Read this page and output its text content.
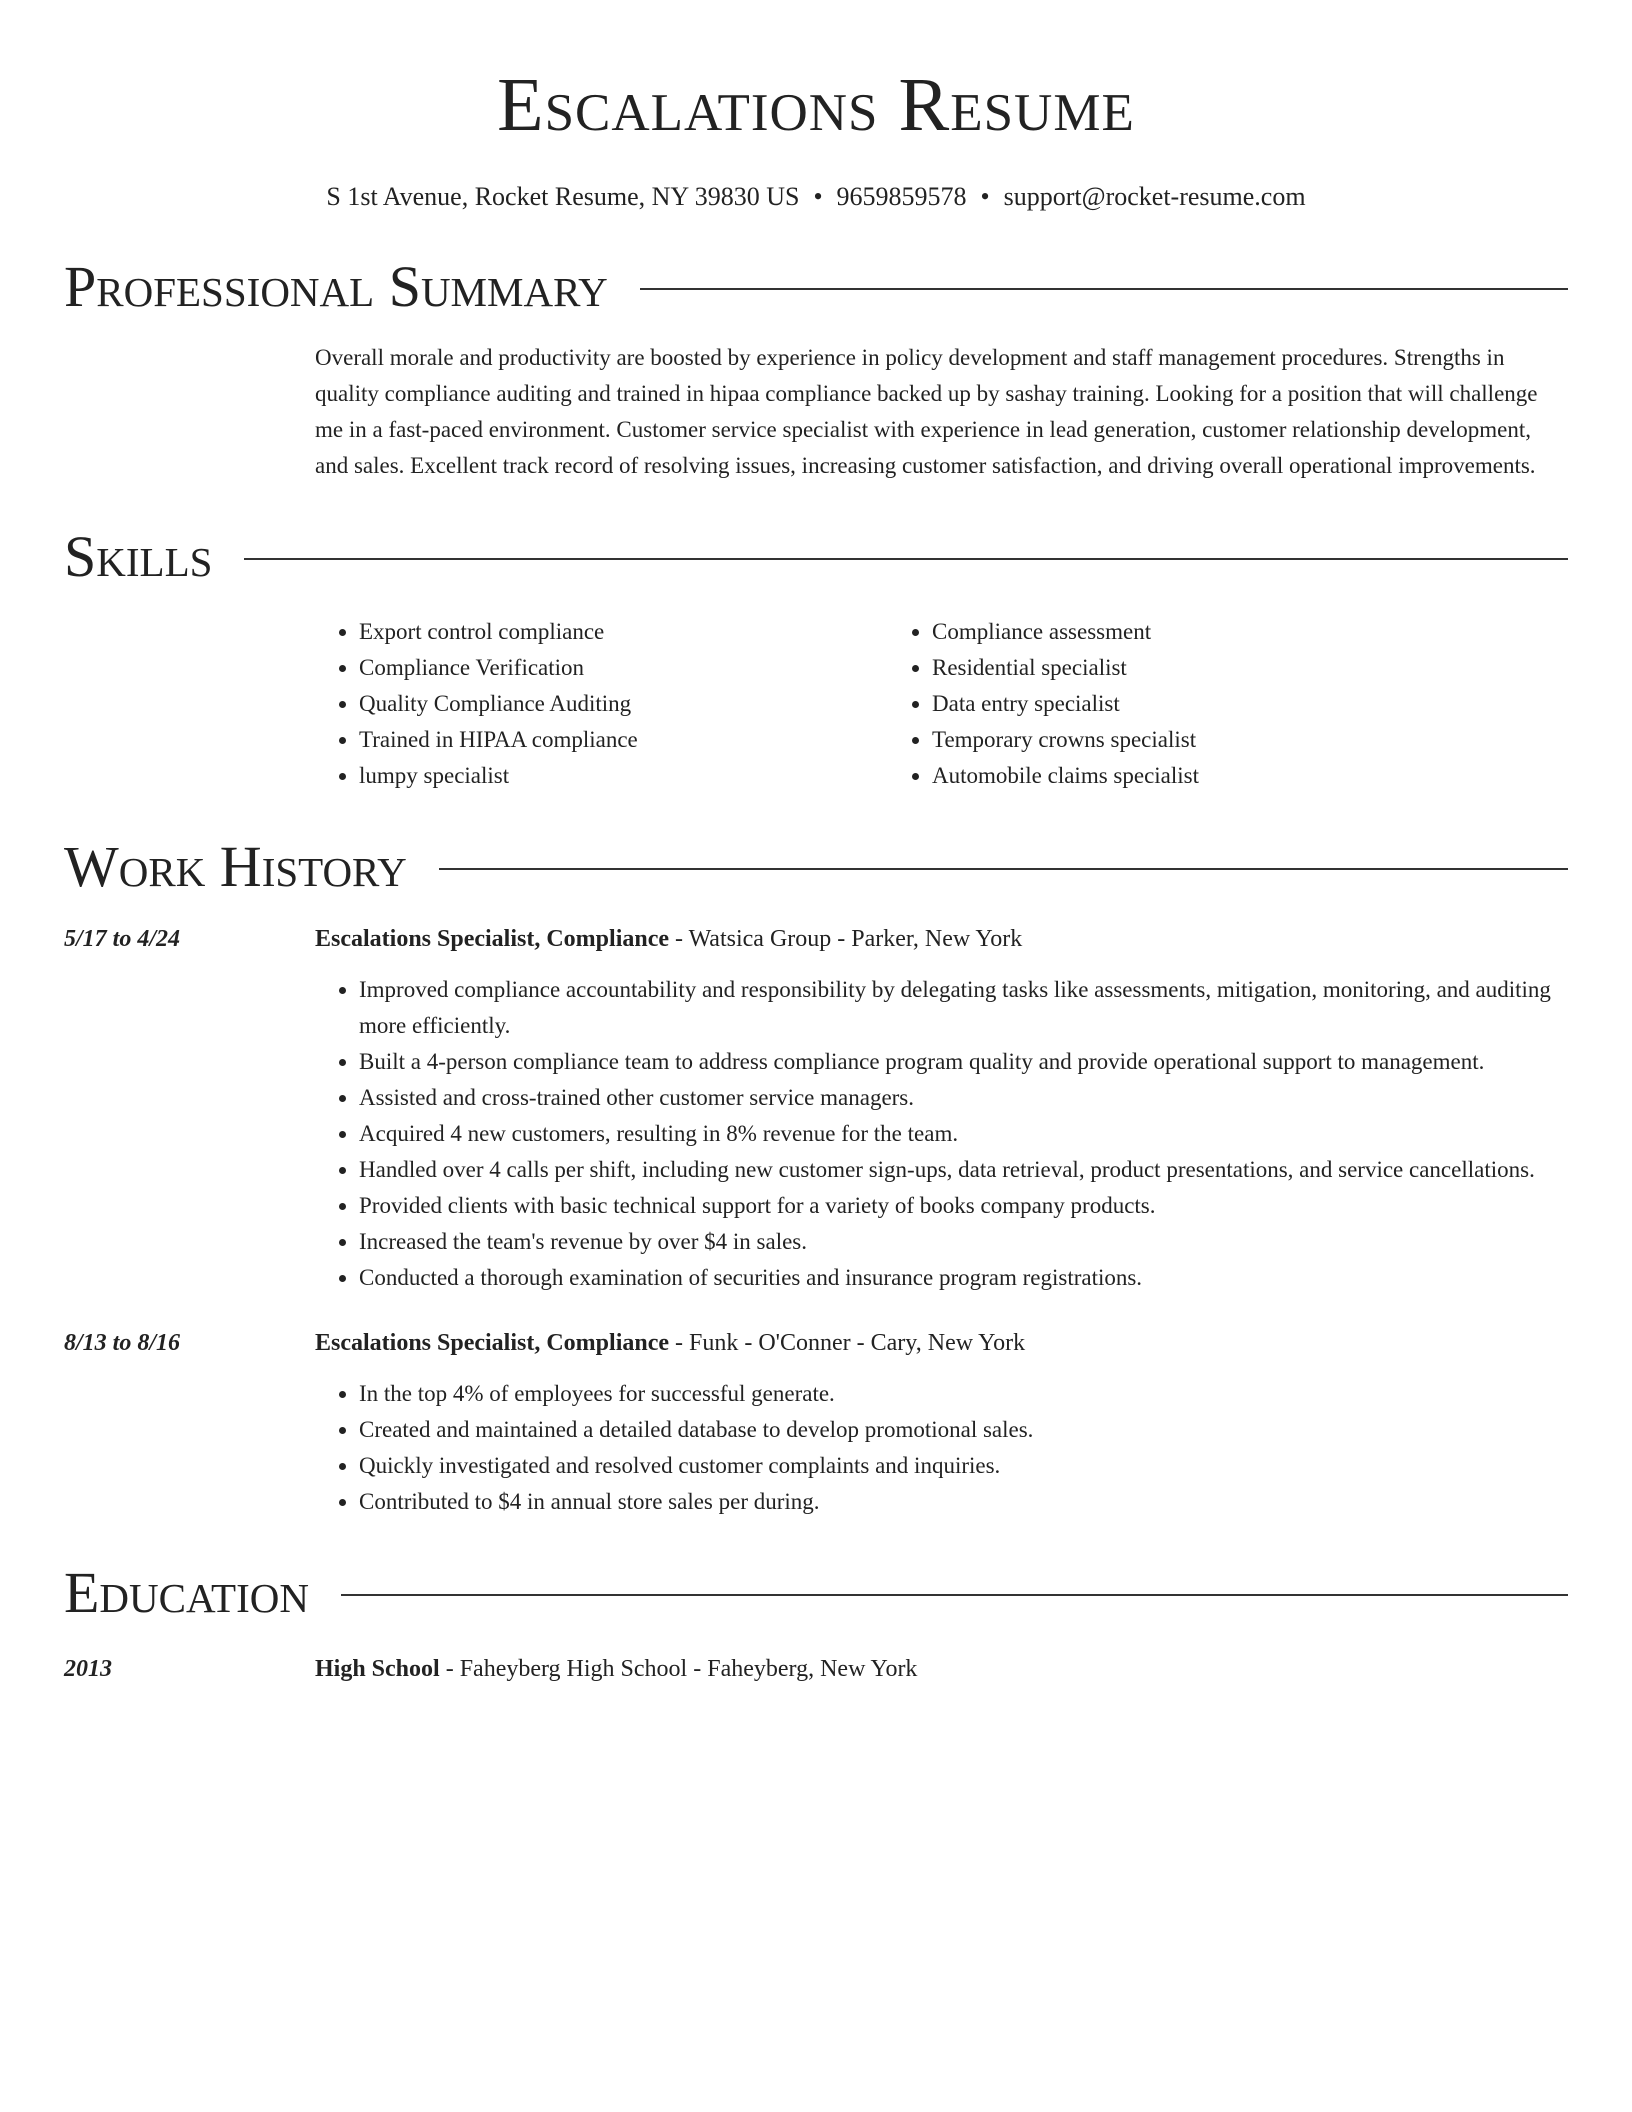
Escalations Resume
S 1st Avenue, Rocket Resume, NY 39830 US • 9659859578 • support@rocket-resume.com
Professional Summary
Overall morale and productivity are boosted by experience in policy development and staff management procedures. Strengths in quality compliance auditing and trained in hipaa compliance backed up by sashay training. Looking for a position that will challenge me in a fast-paced environment. Customer service specialist with experience in lead generation, customer relationship development, and sales. Excellent track record of resolving issues, increasing customer satisfaction, and driving overall operational improvements.
Skills
• Export control compliance
• Compliance Verification
• Quality Compliance Auditing
• Trained in HIPAA compliance
• lumpy specialist
• Compliance assessment
• Residential specialist
• Data entry specialist
• Temporary crowns specialist
• Automobile claims specialist
Work History
5/17 to 4/24	Escalations Specialist, Compliance - Watsica Group - Parker, New York
• Improved compliance accountability and responsibility by delegating tasks like assessments, mitigation, monitoring, and auditing more efficiently.
• Built a 4-person compliance team to address compliance program quality and provide operational support to management.
• Assisted and cross-trained other customer service managers.
• Acquired 4 new customers, resulting in 8% revenue for the team.
• Handled over 4 calls per shift, including new customer sign-ups, data retrieval, product presentations, and service cancellations.
• Provided clients with basic technical support for a variety of books company products.
• Increased the team's revenue by over $4 in sales.
• Conducted a thorough examination of securities and insurance program registrations.
8/13 to 8/16	Escalations Specialist, Compliance - Funk - O'Conner - Cary, New York
• In the top 4% of employees for successful generate.
• Created and maintained a detailed database to develop promotional sales.
• Quickly investigated and resolved customer complaints and inquiries.
• Contributed to $4 in annual store sales per during.
Education
2013	High School - Faheyberg High School - Faheyberg, New York
